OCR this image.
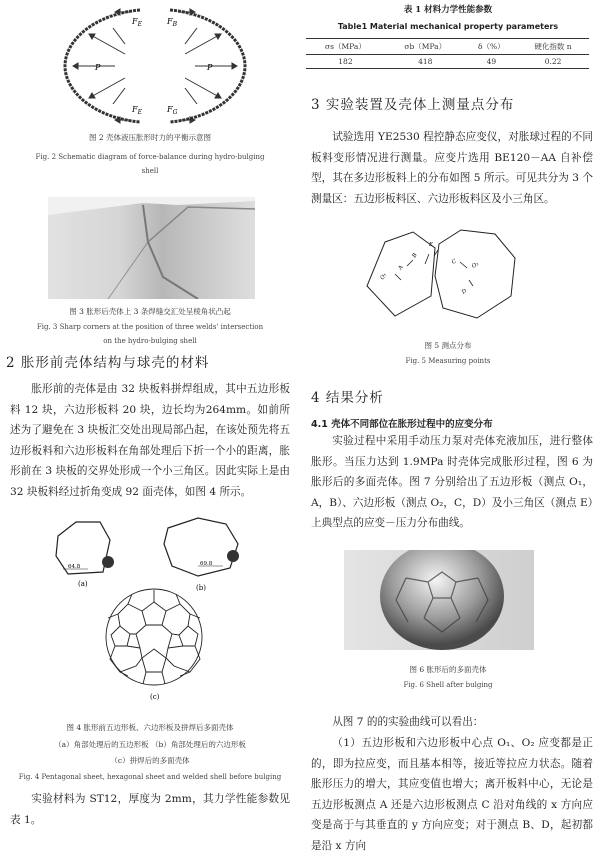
P	P
$F_E$	$F_B$
$F_E$	$F_G$
图 2 壳体液压胀形时力的平衡示意图
Fig. 2 Schematic diagram of force-balance during hydro-bulging
shell
图 3 胀形后壳体上 3 条焊缝交汇处呈棱角状凸起
Fig. 3 Sharp corners at the position of three welds' intersection
on the hydro-bulging shell
2 胀形前壳体结构与球壳的材料
胀形前的壳体是由 32 块板料拼焊组成，其中五边形板料 12 块，六边形板料 20 块，边长均为264mm。如前所述为了避免在 3 块板汇交处出现局部凸起，在该处预先将五边形板料和六边形板料在角部处理后下折一个小的距离，胀形前在 3 块板的交界处形成一个小三角区。因此实际上是由 32 块板料经过折角变成 92 面壳体，如图 4 所示。
64.8
(a)
69.8
(b)
(c)
图 4 胀形前五边形板、六边形板及拼焊后多面壳体
（a）角部处理后的五边形板 （b）角部处理后的六边形板
（c）拼焊后的多面壳体
Fig. 4 Pentagonal sheet, hexagonal sheet and welded shell before bulging
实验材料为 ST12，厚度为 2mm，其力学性能参数见表 1。
表 1 材料力学性能参数
Table1 Material mechanical property parameters
σs（MPa）	σb（MPa）	δ（%）	硬化指数 n
182	418	49	0.22
3 实验装置及壳体上测量点分布
试验选用 YE2530 程控静态应变仪，对胀球过程的不同板料变形情况进行测量。应变片选用 BE120－AA 自补偿型，其在多边形板料上的分布如图 5 所示。可见共分为 3 个测量区：五边形板料区、六边形板料区及小三角区。
O₁
A
E
B
C O₂
D
图 5 测点分布
Fig. 5 Measuring points
4 结果分析
4.1 壳体不同部位在胀形过程中的应变分布
实验过程中采用手动压力泵对壳体充液加压，进行整体胀形。当压力达到 1.9MPa 时壳体完成胀形过程，图 6 为胀形后的多面壳体。图 7 分别给出了五边形板（测点 O₁，A，B）、六边形板（测点 O₂，C，D）及小三角区（测点 E）上典型点的应变－压力分布曲线。
图 6 胀形后的多面壳体
Fig. 6 Shell after bulging
从图 7 的的实验曲线可以看出：
（1）五边形板和六边形板中心点 O₁、O₂ 应变都是正的，即为拉应变，而且基本相等，接近等拉应力状态。随着胀形压力的增大，其应变值也增大；离开板料中心，无论是五边形板测点 A 还是六边形板测点 C 沿对角线的 x 方向应变是高于与其垂直的 y 方向应变；对于测点 B、D，起初都是沿 x 方向
